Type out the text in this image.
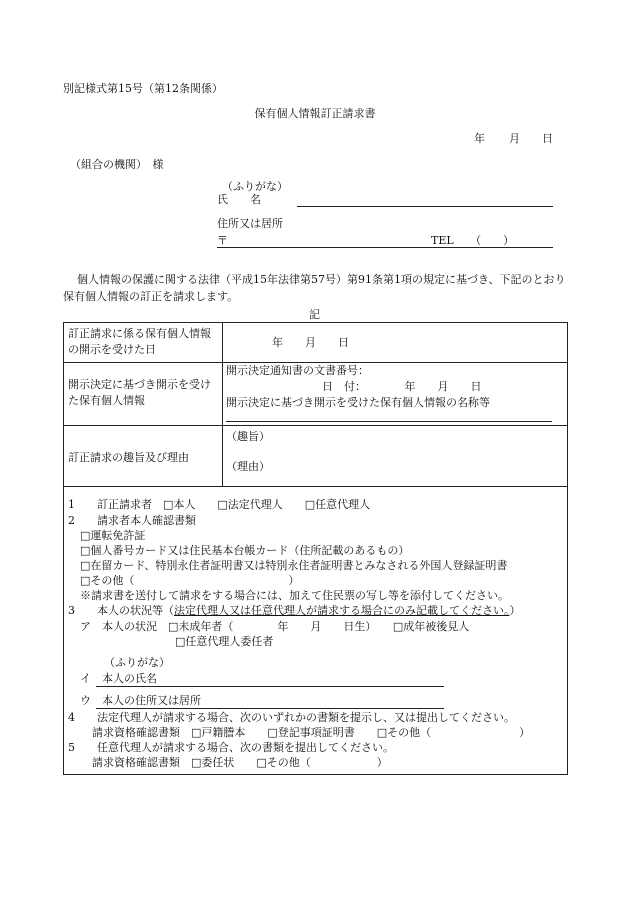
別記様式第15号（第12条関係）
保有個人情報訂正請求書
年 月 日
（組合の機関）　様
（ふりがな）
氏　　名
住所又は居所
〒	TEL　　（　　）
個人情報の保護に関する法律（平成15年法律第57号）第91条第1項の規定に基づき、下記のとおり
保有個人情報の訂正を請求します。
記
訂正請求に係る保有個人情報の開示を受けた日
年　　月　　日
開示決定に基づき開示を受けた保有個人情報
開示決定通知書の文書番号：
日　付：　　　　年　　月　　日
開示決定に基づき開示を受けた保有個人情報の名称等
訂正請求の趣旨及び理由
（趣旨）
（理由）
1　　訂正請求者　□本人　　□法定代理人　　□任意代理人
2　　請求者本人確認書類
□運転免許証
□個人番号カード又は住民基本台帳カード（住所記載のあるもの）
□在留カード、特別永住者証明書又は特別永住者証明書とみなされる外国人登録証明書
□その他（　　　　　　　　　　　　　　）
※請求書を送付して請求をする場合には、加えて住民票の写し等を添付してください。
3　　本人の状況等（法定代理人又は任意代理人が請求する場合にのみ記載してください。）
ア　本人の状況　□未成年者（　　　　年　　月　　日生）　　□成年被後見人
□任意代理人委任者
（ふりがな）
イ　本人の氏名
ウ　本人の住所又は居所
4　　法定代理人が請求する場合、次のいずれかの書類を提示し、又は提出してください。
請求資格確認書類　□戸籍謄本　　□登記事項証明書　　□その他（　　　　　　　　）
5　　任意代理人が請求する場合、次の書類を提出してください。
請求資格確認書類　□委任状　　□その他（　　　　　　）
